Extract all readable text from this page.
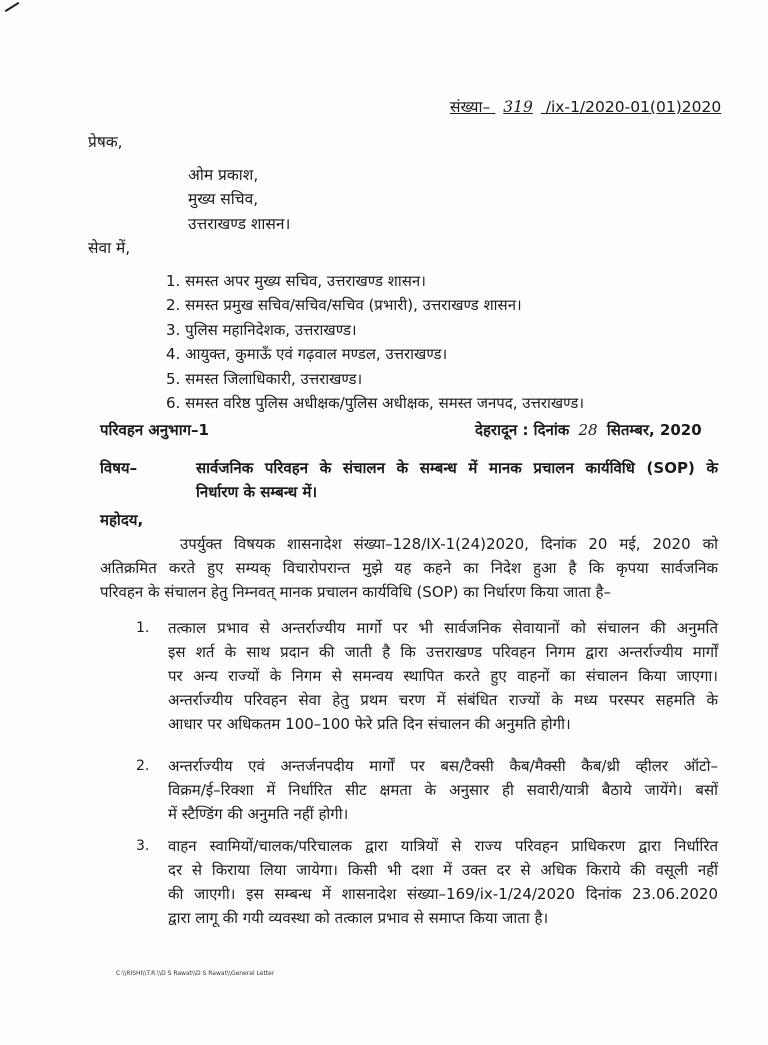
संख्या– 319 /ix-1/2020-01(01)2020
प्रेषक,
ओम प्रकाश,
मुख्य सचिव,
उत्तराखण्ड शासन।
सेवा में,
1. समस्त अपर मुख्य सचिव, उत्तराखण्ड शासन।
2. समस्त प्रमुख सचिव/सचिव/सचिव (प्रभारी), उत्तराखण्ड शासन।
3. पुलिस महानिदेशक, उत्तराखण्ड।
4. आयुक्त, कुमाऊँ एवं गढ़वाल मण्डल, उत्तराखण्ड।
5. समस्त जिलाधिकारी, उत्तराखण्ड।
6. समस्त वरिष्ठ पुलिस अधीक्षक/पुलिस अधीक्षक, समस्त जनपद, उत्तराखण्ड।
परिवहन अनुभाग–1	देहरादून : दिनांक 28 सितम्बर, 2020
विषय–	सार्वजनिक परिवहन के संचालन के सम्बन्ध में मानक प्रचालन कार्यविधि (SOP) के
निर्धारण के सम्बन्ध में।
महोदय,
उपर्युक्त विषयक शासनादेश संख्या–128/IX-1(24)2020, दिनांक 20 मई, 2020 को
अतिक्रमित करते हुए सम्यक् विचारोपरान्त मुझे यह कहने का निदेश हुआ है कि कृपया सार्वजनिक
परिवहन के संचालन हेतु निम्नवत् मानक प्रचालन कार्यविधि (SOP) का निर्धारण किया जाता है–
1. तत्काल प्रभाव से अन्तर्राज्यीय मार्गो पर भी सार्वजनिक सेवायानों को संचालन की अनुमति
इस शर्त के साथ प्रदान की जाती है कि उत्तराखण्ड परिवहन निगम द्वारा अन्तर्राज्यीय मार्गों
पर अन्य राज्यों के निगम से समन्वय स्थापित करते हुए वाहनों का संचालन किया जाएगा।
अन्तर्राज्यीय परिवहन सेवा हेतु प्रथम चरण में संबंधित राज्यों के मध्य परस्पर सहमति के
आधार पर अधिकतम 100–100 फेरे प्रति दिन संचालन की अनुमति होगी।
2. अन्तर्राज्यीय एवं अन्तर्जनपदीय मार्गों पर बस/टैक्सी कैब/मैक्सी कैब/थ्री व्हीलर ऑटो–
विक्रम/ई–रिक्शा में निर्धारित सीट क्षमता के अनुसार ही सवारी/यात्री बैठाये जायेंगे। बसों
में स्टैण्डिंग की अनुमति नहीं होगी।
3. वाहन स्वामियों/चालक/परिचालक द्वारा यात्रियों से राज्य परिवहन प्राधिकरण द्वारा निर्धारित
दर से किराया लिया जायेगा। किसी भी दशा में उक्त दर से अधिक किराये की वसूली नहीं
की जाएगी। इस सम्बन्ध में शासनादेश संख्या–169/ix-1/24/2020 दिनांक 23.06.2020
द्वारा लागू की गयी व्यवस्था को तत्काल प्रभाव से समाप्त किया जाता है।
C:\\RISHI\\T.R.\\D S Rawat\\D S Rawat\\General Letter
